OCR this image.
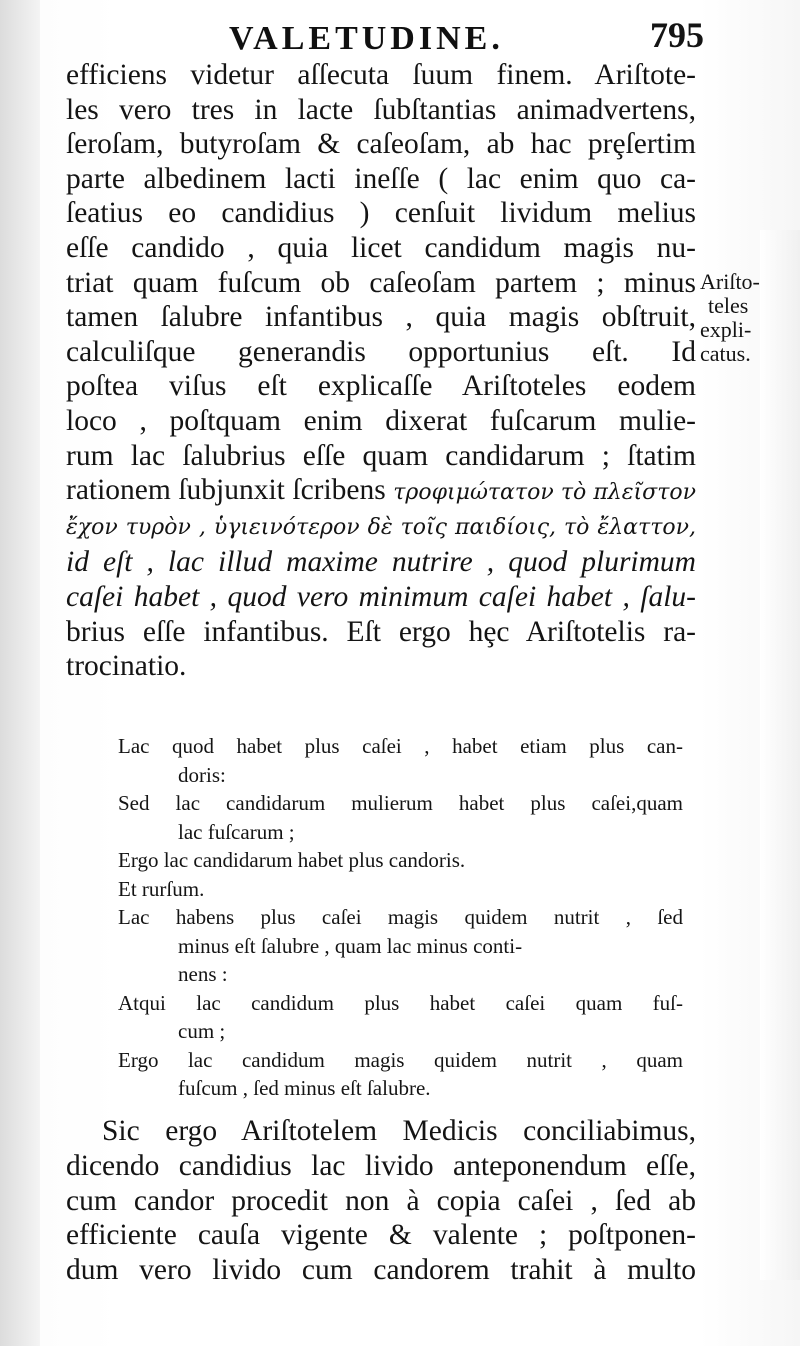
VALETUDINE.	795
efficiens videtur aſſecuta ſuum finem. Ariſtote-
les vero tres in lacte ſubſtantias animadvertens,
ſeroſam, butyroſam & caſeoſam, ab hac prȩſertim
parte albedinem lacti ineſſe ( lac enim quo ca-
ſeatius eo candidius ) cenſuit lividum melius
eſſe candido , quia licet candidum magis nu-
triat quam fuſcum ob caſeoſam partem ; minus
tamen ſalubre infantibus , quia magis obſtruit,
calculiſque generandis opportunius eſt. Id
poſtea viſus eſt explicaſſe Ariſtoteles eodem
loco , poſtquam enim dixerat fuſcarum mulie-
rum lac ſalubrius eſſe quam candidarum ; ſtatim
rationem ſubjunxit ſcribens τροφιμώτατον τὸ πλεῖστον
ἔχον τυρὸν , ὑγιεινότερον δὲ τοῖς παιδίοις, τὸ ἔλαττον,
id eſt , lac illud maxime nutrire , quod plurimum
caſei habet , quod vero minimum caſei habet , ſalu-
brius eſſe infantibus. Eſt ergo hȩc Ariſtotelis ra-
trocinatio.
Ariſto-
teles
expli-
catus.
Lac quod habet plus caſei , habet etiam plus can-
doris:
Sed lac candidarum mulierum habet plus caſei,quam
lac fuſcarum ;
Ergo lac candidarum habet plus candoris.
Et rurſum.
Lac habens plus caſei magis quidem nutrit , ſed
minus eſt ſalubre , quam lac minus conti-
nens :
Atqui lac candidum plus habet caſei quam fuſ-
cum ;
Ergo lac candidum magis quidem nutrit , quam
fuſcum , ſed minus eſt ſalubre.
Sic ergo Ariſtotelem Medicis conciliabimus,
dicendo candidius lac livido anteponendum eſſe,
cum candor procedit non à copia caſei , ſed ab
efficiente cauſa vigente & valente ; poſtponen-
dum vero livido cum candorem trahit à multo
